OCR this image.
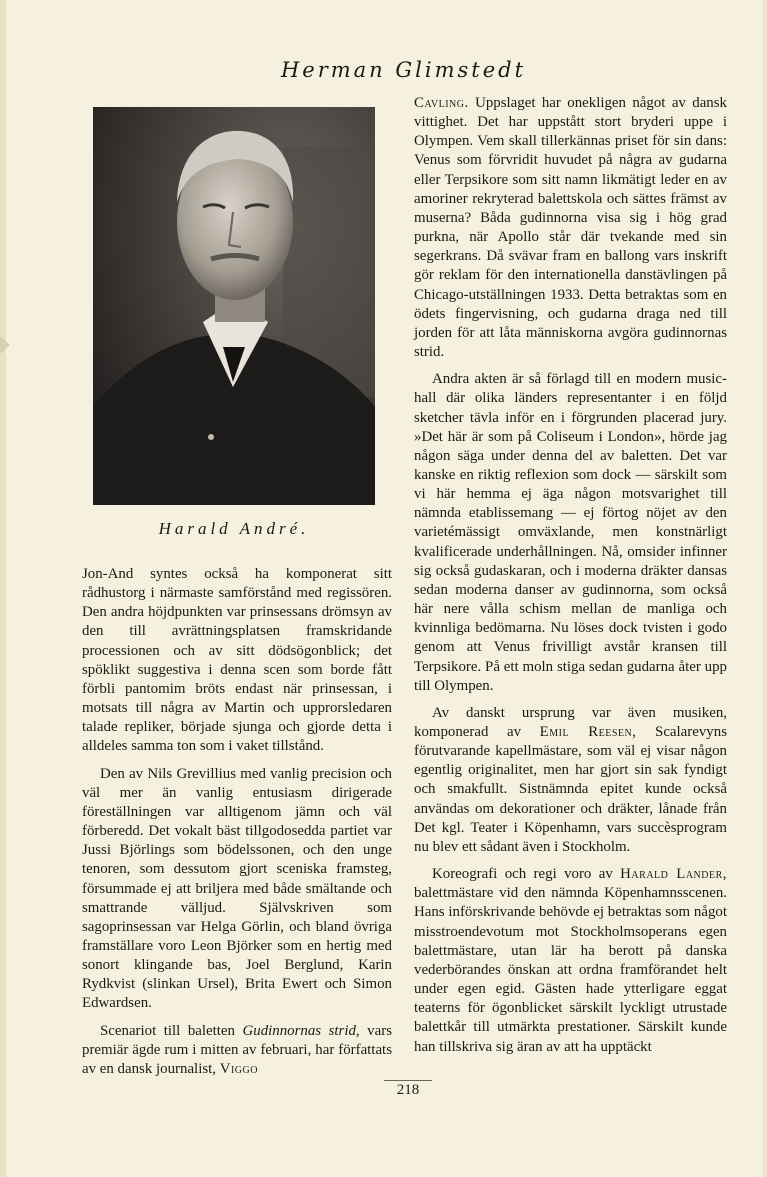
Herman Glimstedt
Harald André.

Jon-And syntes också ha komponerat sitt rådhustorg i närmaste samförstånd med regissören. Den andra höjdpunkten var prinsessans drömsyn av den till avrättningsplatsen framskridande processionen och av sitt dödsögonblick; det spöklikt suggestiva i denna scen som borde fått förbli pantomim bröts endast när prinsessan, i motsats till några av Martin och upprorsledaren talade repliker, började sjunga och gjorde detta i alldeles samma ton som i vaket tillstånd.

Den av Nils Grevillius med vanlig precision och väl mer än vanlig entusiasm dirigerade föreställningen var alltigenom jämn och väl förberedd. Det vokalt bäst tillgodosedda partiet var Jussi Björlings som bödelssonen, och den unge tenoren, som dessutom gjort sceniska framsteg, försummade ej att briljera med både smältande och smattrande välljud. Självskriven som sagoprinsessan var Helga Görlin, och bland övriga framställare voro Leon Björker som en hertig med sonort klingande bas, Joel Berglund, Karin Rydkvist (slinkan Ursel), Brita Ewert och Simon Edwardsen.

Scenariot till baletten Gudinnornas strid, vars premiär ägde rum i mitten av februari, har författats av en dansk journalist, Viggo

Cavling. Uppslaget har onekligen något av dansk vittighet. Det har uppstått stort bryderi uppe i Olympen. Vem skall tillerkännas priset för sin dans: Venus som förvridit huvudet på några av gudarna eller Terpsikore som sitt namn likmätigt leder en av amoriner rekryterad balettskola och sättes främst av muserna? Båda gudinnorna visa sig i hög grad purkna, när Apollo står där tvekande med sin segerkrans. Då svävar fram en ballong vars inskrift gör reklam för den internationella danstävlingen på Chicago-utställningen 1933. Detta betraktas som en ödets fingervisning, och gudarna draga ned till jorden för att låta människorna avgöra gudinnornas strid.

Andra akten är så förlagd till en modern music-hall där olika länders representanter i en följd sketcher tävla inför en i förgrunden placerad jury. »Det här är som på Coliseum i London», hörde jag någon säga under denna del av baletten. Det var kanske en riktig reflexion som dock — särskilt som vi här hemma ej äga någon motsvarighet till nämnda etablissemang — ej förtog nöjet av den varietémässigt omväxlande, men konstnärligt kvalificerade underhållningen. Nå, omsider infinner sig också gudaskaran, och i moderna dräkter dansas sedan moderna danser av gudinnorna, som också här nere vålla schism mellan de manliga och kvinnliga bedömarna. Nu löses dock tvisten i godo genom att Venus frivilligt avstår kransen till Terpsikore. På ett moln stiga sedan gudarna åter upp till Olympen.

Av danskt ursprung var även musiken, komponerad av Emil Reesen, Scalarevyns förutvarande kapellmästare, som väl ej visar någon egentlig originalitet, men har gjort sin sak fyndigt och smakfullt. Sistnämnda epitet kunde också användas om dekorationer och dräkter, lånade från Det kgl. Teater i Köpenhamn, vars succèsprogram nu blev ett sådant även i Stockholm.

Koreografi och regi voro av Harald Lander, balettmästare vid den nämnda Köpenhamnsscenen. Hans införskrivande behövde ej betraktas som något misstroendevotum mot Stockholmsoperans egen balettmästare, utan lär ha berott på danska vederbörandes önskan att ordna framförandet helt under egen egid. Gästen hade ytterligare eggat teaterns för ögonblicket särskilt lyckligt utrustade balettkår till utmärkta prestationer. Särskilt kunde han tillskriva sig äran av att ha upptäckt

218
